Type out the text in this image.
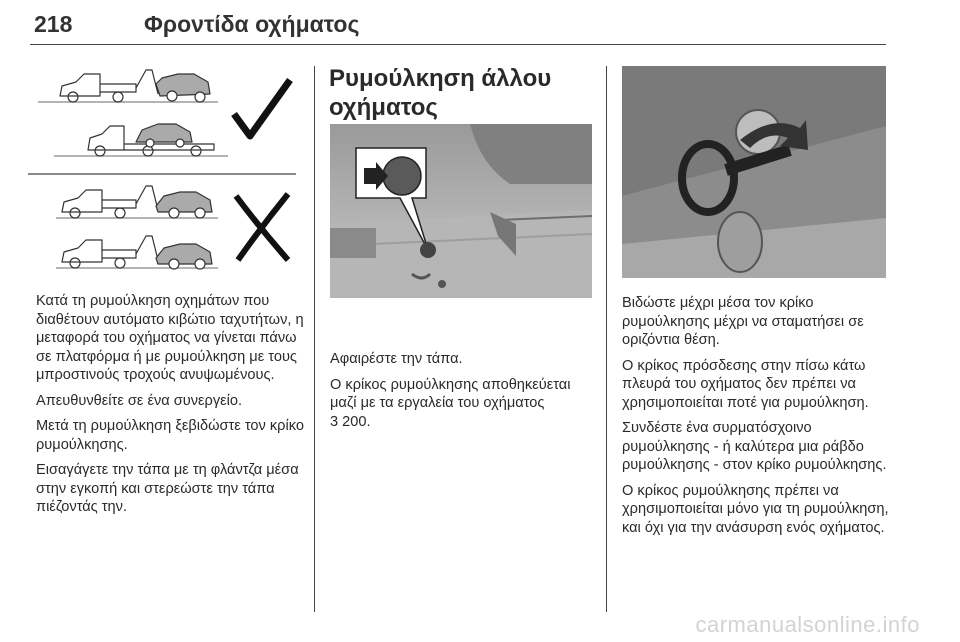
218	Φροντίδα οχήματος

Κατά τη ρυμούλκηση οχημάτων που διαθέτουν αυτόματο κιβώτιο ταχυτήτων, η μεταφορά του οχήματος να γίνεται πάνω σε πλατφόρμα ή με ρυμούλκηση με τους μπροστινούς τροχούς ανυψωμένους.

Απευθυνθείτε σε ένα συνεργείο.

Μετά τη ρυμούλκηση ξεβιδώστε τον κρίκο ρυμούλκησης.

Εισαγάγετε την τάπα με τη φλάντζα μέσα στην εγκοπή και στερεώστε την τάπα πιέζοντάς την.

Ρυμούλκηση άλλου οχήματος

Αφαιρέστε την τάπα.

Ο κρίκος ρυμούλκησης αποθηκεύεται μαζί με τα εργαλεία του οχήματος

3 200.

Βιδώστε μέχρι μέσα τον κρίκο ρυμούλκησης μέχρι να σταματήσει σε οριζόντια θέση.

Ο κρίκος πρόσδεσης στην πίσω κάτω πλευρά του οχήματος δεν πρέπει να χρησιμοποιείται ποτέ για ρυμούλκηση.

Συνδέστε ένα συρματόσχοινο ρυμούλκησης - ή καλύτερα μια ράβδο ρυμούλκησης - στον κρίκο ρυμούλκησης.

Ο κρίκος ρυμούλκησης πρέπει να χρησιμοποιείται μόνο για τη ρυμούλκηση, και όχι για την ανάσυρση ενός οχήματος.

carmanualsonline.info
